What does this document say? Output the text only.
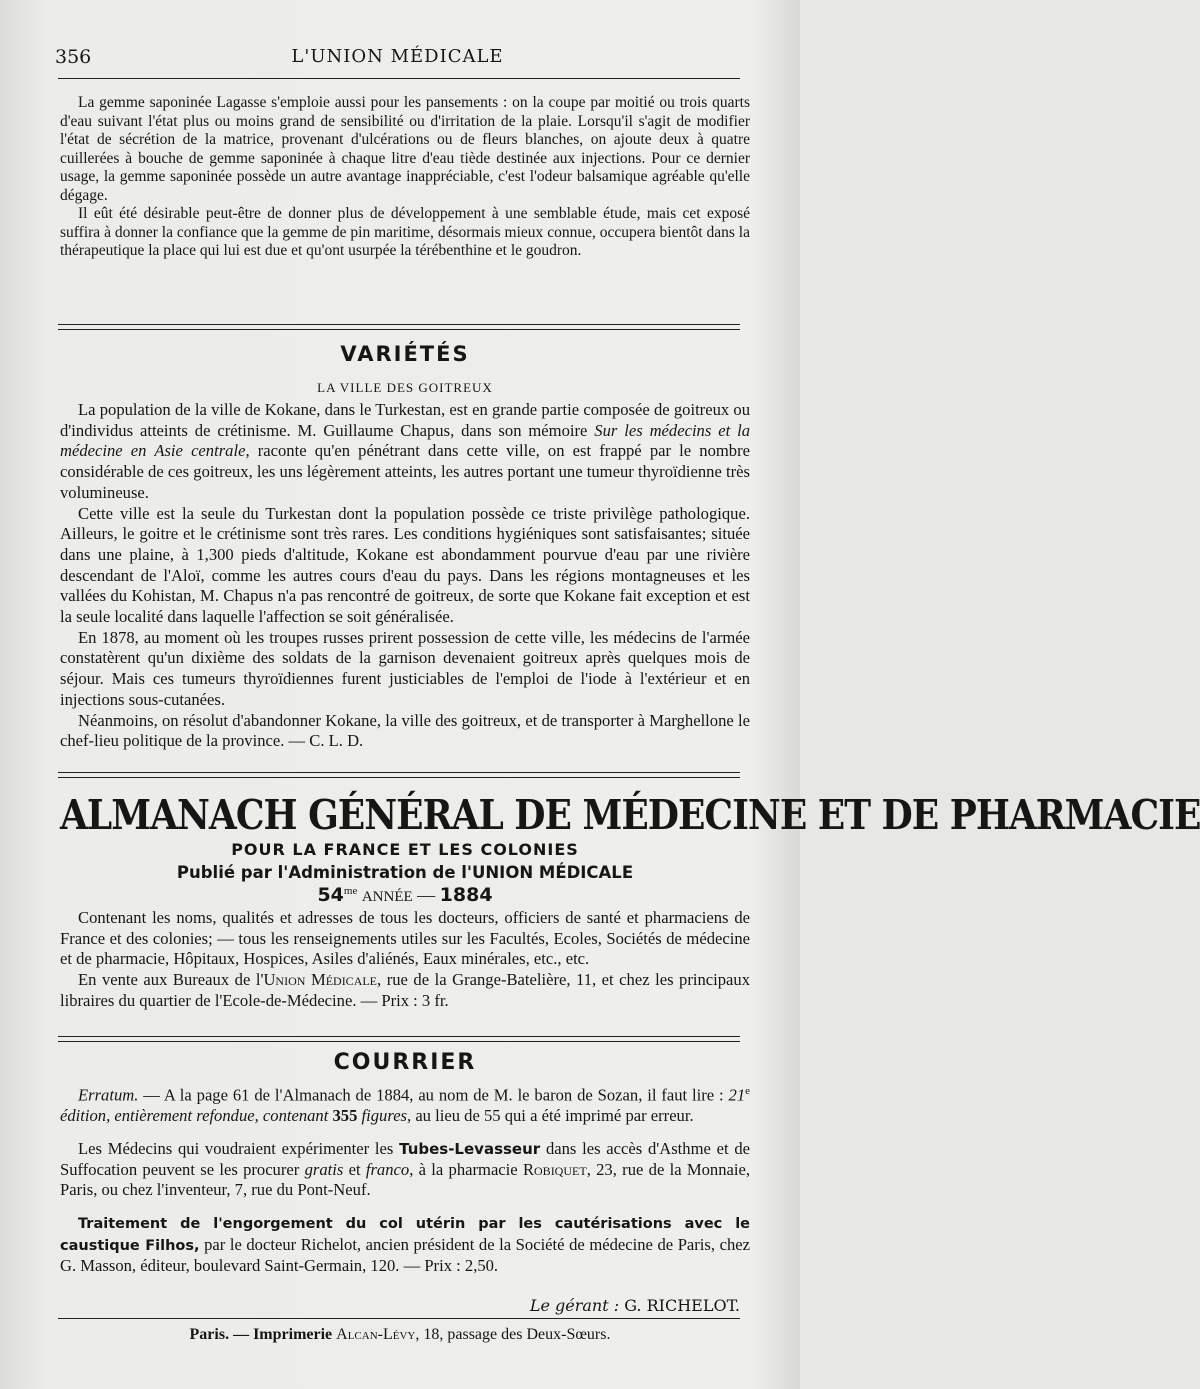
356	L'UNION MÉDICALE

La gemme saponinée Lagasse s'emploie aussi pour les pansements : on la coupe par moitié ou trois quarts d'eau suivant l'état plus ou moins grand de sensibilité ou d'irritation de la plaie. Lorsqu'il s'agit de modifier l'état de sécrétion de la matrice, provenant d'ulcérations ou de fleurs blanches, on ajoute deux à quatre cuillerées à bouche de gemme saponinée à chaque litre d'eau tiède destinée aux injections. Pour ce dernier usage, la gemme saponinée possède un autre avantage inappréciable, c'est l'odeur balsamique agréable qu'elle dégage.

Il eût été désirable peut-être de donner plus de développement à une semblable étude, mais cet exposé suffira à donner la confiance que la gemme de pin maritime, désormais mieux connue, occupera bientôt dans la thérapeutique la place qui lui est due et qu'ont usurpée la térébenthine et le goudron.

VARIÉTÉS
LA VILLE DES GOITREUX

La population de la ville de Kokane, dans le Turkestan, est en grande partie composée de goitreux ou d'individus atteints de crétinisme. M. Guillaume Chapus, dans son mémoire Sur les médecins et la médecine en Asie centrale, raconte qu'en pénétrant dans cette ville, on est frappé par le nombre considérable de ces goitreux, les uns légèrement atteints, les autres portant une tumeur thyroïdienne très volumineuse.

Cette ville est la seule du Turkestan dont la population possède ce triste privilège pathologique. Ailleurs, le goitre et le crétinisme sont très rares. Les conditions hygiéniques sont satisfaisantes; située dans une plaine, à 1,300 pieds d'altitude, Kokane est abondamment pourvue d'eau par une rivière descendant de l'Aloï, comme les autres cours d'eau du pays. Dans les régions montagneuses et les vallées du Kohistan, M. Chapus n'a pas rencontré de goitreux, de sorte que Kokane fait exception et est la seule localité dans laquelle l'affection se soit généralisée.

En 1878, au moment où les troupes russes prirent possession de cette ville, les médecins de l'armée constatèrent qu'un dixième des soldats de la garnison devenaient goitreux après quelques mois de séjour. Mais ces tumeurs thyroïdiennes furent justiciables de l'emploi de l'iode à l'extérieur et en injections sous-cutanées.

Néanmoins, on résolut d'abandonner Kokane, la ville des goitreux, et de transporter à Marghellone le chef-lieu politique de la province. — C. L. D.

ALMANACH GÉNÉRAL DE MÉDECINE ET DE PHARMACIE
POUR LA FRANCE ET LES COLONIES
Publié par l'Administration de l'UNION MÉDICALE
$54^{me}$ ANNÉE — 1884

Contenant les noms, qualités et adresses de tous les docteurs, officiers de santé et pharmaciens de France et des colonies; — tous les renseignements utiles sur les Facultés, Ecoles, Sociétés de médecine et de pharmacie, Hôpitaux, Hospices, Asiles d'aliénés, Eaux minérales, etc., etc.

En vente aux Bureaux de l'Union Médicale, rue de la Grange-Batelière, 11, et chez les principaux libraires du quartier de l'Ecole-de-Médecine. — Prix : 3 fr.

COURRIER

Erratum. — A la page 61 de l'Almanach de 1884, au nom de M. le baron de Sozan, il faut lire : 21e édition, entièrement refondue, contenant 355 figures, au lieu de 55 qui a été imprimé par erreur.

Les Médecins qui voudraient expérimenter les Tubes-Levasseur dans les accès d'Asthme et de Suffocation peuvent se les procurer gratis et franco, à la pharmacie Robiquet, 23, rue de la Monnaie, Paris, ou chez l'inventeur, 7, rue du Pont-Neuf.

Traitement de l'engorgement du col utérin par les cautérisations avec le caustique Filhos, par le docteur Richelot, ancien président de la Société de médecine de Paris, chez G. Masson, éditeur, boulevard Saint-Germain, 120. — Prix : 2,50.

Le gérant : G. RICHELOT.
Paris. — Imprimerie Alcan-Lévy, 18, passage des Deux-Sœurs.
